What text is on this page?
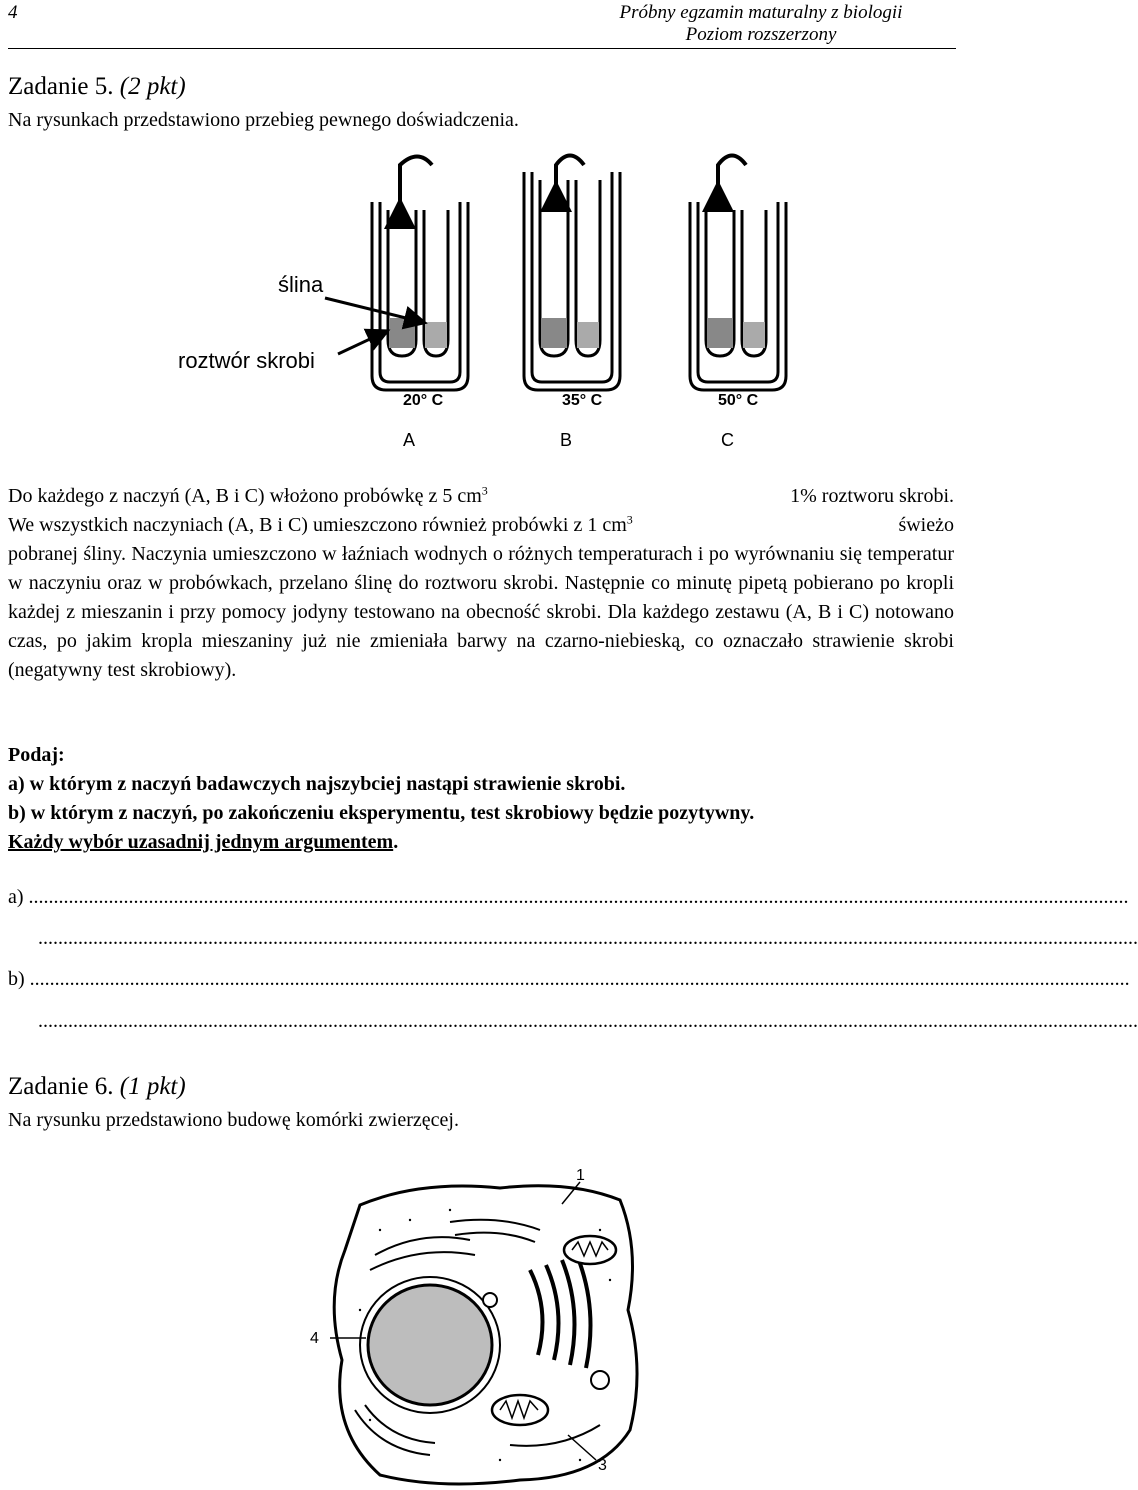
4	Próbny egzamin maturalny z biologii
Poziom rozszerzony
Zadanie 5. (2 pkt)
Na rysunkach przedstawiono przebieg pewnego doświadczenia.
ślina
roztwór skrobi
20° C	35° C	50° C
A	B	C
Do każdego z naczyń (A, B i C) włożono probówkę z 5 $cm^3$	1% roztworu skrobi.
We wszystkich naczyniach (A, B i C) umieszczono również probówki z 1 $cm^3$	świeżo
pobranej śliny. Naczynia umieszczono w łaźniach wodnych o różnych temperaturach i po wyrównaniu się temperatur w naczyniu oraz w probówkach, przelano ślinę do roztworu skrobi. Następnie co minutę pipetą pobierano po kropli każdej z mieszanin i przy pomocy jodyny testowano na obecność skrobi. Dla każdego zestawu (A, B i C) notowano czas, po jakim kropla mieszaniny już nie zmieniała barwy na czarno-niebieską, co oznaczało strawienie skrobi (negatywny test skrobiowy).
Podaj:
a) w którym z naczyń badawczych najszybciej nastąpi strawienie skrobi.
b) w którym z naczyń, po zakończeniu eksperymentu, test skrobiowy będzie pozytywny.
Każdy wybór uzasadnij jednym argumentem.
a) ............................................................................................................................................................................................................................
............................................................................................................................................................................................................................
b) ............................................................................................................................................................................................................................
............................................................................................................................................................................................................................
Zadanie 6. (1 pkt)
Na rysunku przedstawiono budowę komórki zwierzęcej.
1
4
3
